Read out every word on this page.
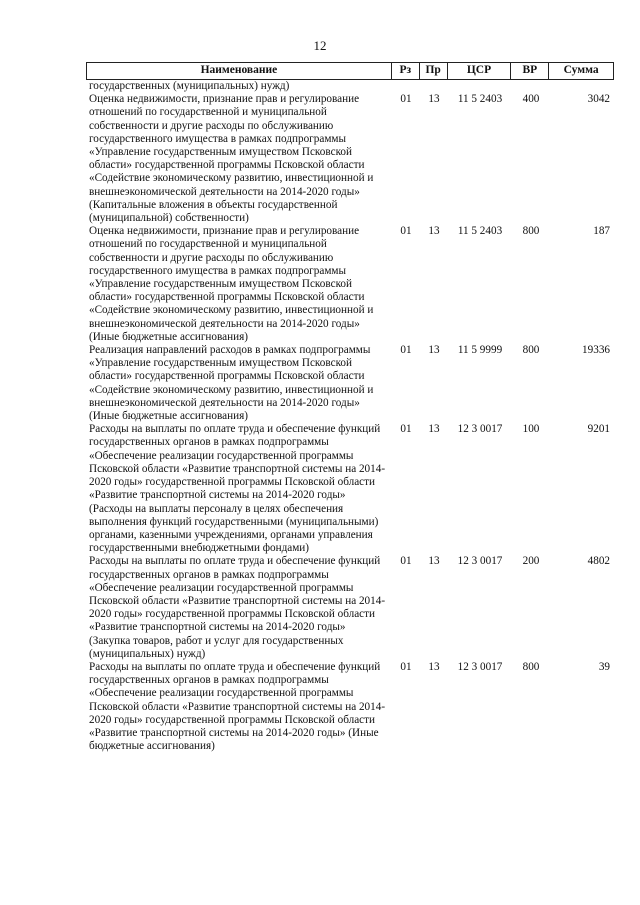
12
Наименование	Рз	Пр	ЦСР	ВР	Сумма
государственных (муниципальных) нужд)
Оценка недвижимости, признание прав и регулирование отношений по государственной и муниципальной собственности и другие расходы по обслуживанию государственного имущества в рамках подпрограммы «Управление государственным имуществом Псковской области» государственной программы Псковской области «Содействие экономическому развитию, инвестиционной и внешнеэкономической деятельности на 2014-2020 годы» (Капитальные вложения в объекты государственной (муниципальной) собственности)
01	13	11 5 2403	400	3042
Оценка недвижимости, признание прав и регулирование отношений по государственной и муниципальной собственности и другие расходы по обслуживанию государственного имущества в рамках подпрограммы «Управление государственным имуществом Псковской области» государственной программы Псковской области «Содействие экономическому развитию, инвестиционной и внешнеэкономической деятельности на 2014-2020 годы» (Иные бюджетные ассигнования)
01	13	11 5 2403	800	187
Реализация направлений расходов в рамках подпрограммы «Управление государственным имуществом Псковской области» государственной программы Псковской области «Содействие экономическому развитию, инвестиционной и внешнеэкономической деятельности на 2014-2020 годы» (Иные бюджетные ассигнования)
01	13	11 5 9999	800	19336
Расходы на выплаты по оплате труда и обеспечение функций государственных органов в рамках подпрограммы «Обеспечение реализации государственной программы Псковской области «Развитие транспортной системы на 2014-2020 годы» государственной программы Псковской области «Развитие транспортной системы на 2014-2020 годы» (Расходы на выплаты персоналу в целях обеспечения выполнения функций государственными (муниципальными) органами, казенными учреждениями, органами управления государственными внебюджетными фондами)
01	13	12 3 0017	100	9201
Расходы на выплаты по оплате труда и обеспечение функций государственных органов в рамках подпрограммы «Обеспечение реализации государственной программы Псковской области «Развитие транспортной системы на 2014-2020 годы» государственной программы Псковской области «Развитие транспортной системы на 2014-2020 годы» (Закупка товаров, работ и услуг для государственных (муниципальных) нужд)
01	13	12 3 0017	200	4802
Расходы на выплаты по оплате труда и обеспечение функций государственных органов в рамках подпрограммы «Обеспечение реализации государственной программы Псковской области «Развитие транспортной системы на 2014-2020 годы» государственной программы Псковской области «Развитие транспортной системы на 2014-2020 годы» (Иные бюджетные ассигнования)
01	13	12 3 0017	800	39
